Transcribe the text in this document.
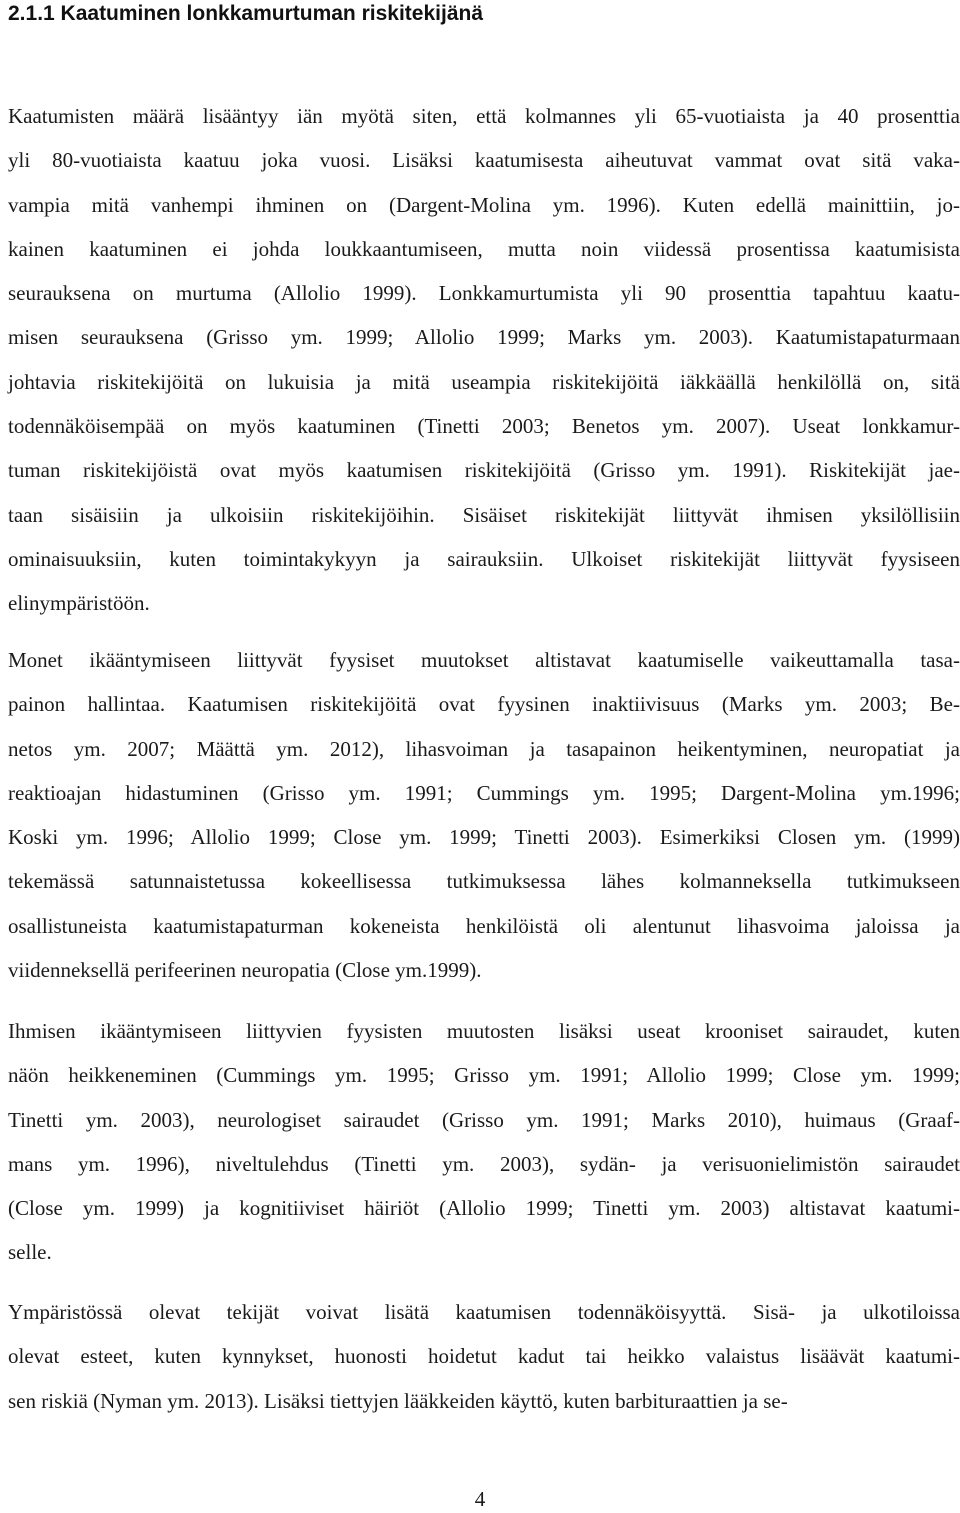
2.1.1 Kaatuminen lonkkamurtuman riskitekijänä
Kaatumisten määrä lisääntyy iän myötä siten, että kolmannes yli 65-vuotiaista ja 40 prosenttia
yli 80-vuotiaista kaatuu joka vuosi. Lisäksi kaatumisesta aiheutuvat vammat ovat sitä vaka-
vampia mitä vanhempi ihminen on (Dargent-Molina ym. 1996). Kuten edellä mainittiin, jo-
kainen kaatuminen ei johda loukkaantumiseen, mutta noin viidessä prosentissa kaatumisista
seurauksena on murtuma (Allolio 1999). Lonkkamurtumista yli 90 prosenttia tapahtuu kaatu-
misen seurauksena (Grisso ym. 1999; Allolio 1999; Marks ym. 2003). Kaatumistapaturmaan
johtavia riskitekijöitä on lukuisia ja mitä useampia riskitekijöitä iäkkäällä henkilöllä on, sitä
todennäköisempää on myös kaatuminen (Tinetti 2003; Benetos ym. 2007). Useat lonkkamur-
tuman riskitekijöistä ovat myös kaatumisen riskitekijöitä (Grisso ym. 1991). Riskitekijät jae-
taan sisäisiin ja ulkoisiin riskitekijöihin. Sisäiset riskitekijät liittyvät ihmisen yksilöllisiin
ominaisuuksiin, kuten toimintakykyyn ja sairauksiin. Ulkoiset riskitekijät liittyvät fyysiseen
elinympäristöön.
Monet ikääntymiseen liittyvät fyysiset muutokset altistavat kaatumiselle vaikeuttamalla tasa-
painon hallintaa. Kaatumisen riskitekijöitä ovat fyysinen inaktiivisuus (Marks ym. 2003; Be-
netos ym. 2007; Määttä ym. 2012), lihasvoiman ja tasapainon heikentyminen, neuropatiat ja
reaktioajan hidastuminen (Grisso ym. 1991; Cummings ym. 1995; Dargent-Molina ym.1996;
Koski ym. 1996; Allolio 1999; Close ym. 1999; Tinetti 2003). Esimerkiksi Closen ym. (1999)
tekemässä satunnaistetussa kokeellisessa tutkimuksessa lähes kolmanneksella tutkimukseen
osallistuneista kaatumistapaturman kokeneista henkilöistä oli alentunut lihasvoima jaloissa ja
viidenneksellä perifeerinen neuropatia (Close ym.1999).
Ihmisen ikääntymiseen liittyvien fyysisten muutosten lisäksi useat krooniset sairaudet, kuten
näön heikkeneminen (Cummings ym. 1995; Grisso ym. 1991; Allolio 1999; Close ym. 1999;
Tinetti ym. 2003), neurologiset sairaudet (Grisso ym. 1991; Marks 2010), huimaus (Graaf-
mans ym. 1996), niveltulehdus (Tinetti ym. 2003), sydän- ja verisuonielimistön sairaudet
(Close ym. 1999) ja kognitiiviset häiriöt (Allolio 1999; Tinetti ym. 2003) altistavat kaatumi-
selle.
Ympäristössä olevat tekijät voivat lisätä kaatumisen todennäköisyyttä. Sisä- ja ulkotiloissa
olevat esteet, kuten kynnykset, huonosti hoidetut kadut tai heikko valaistus lisäävät kaatumi-
sen riskiä (Nyman ym. 2013). Lisäksi tiettyjen lääkkeiden käyttö, kuten barbituraattien ja se-

4
